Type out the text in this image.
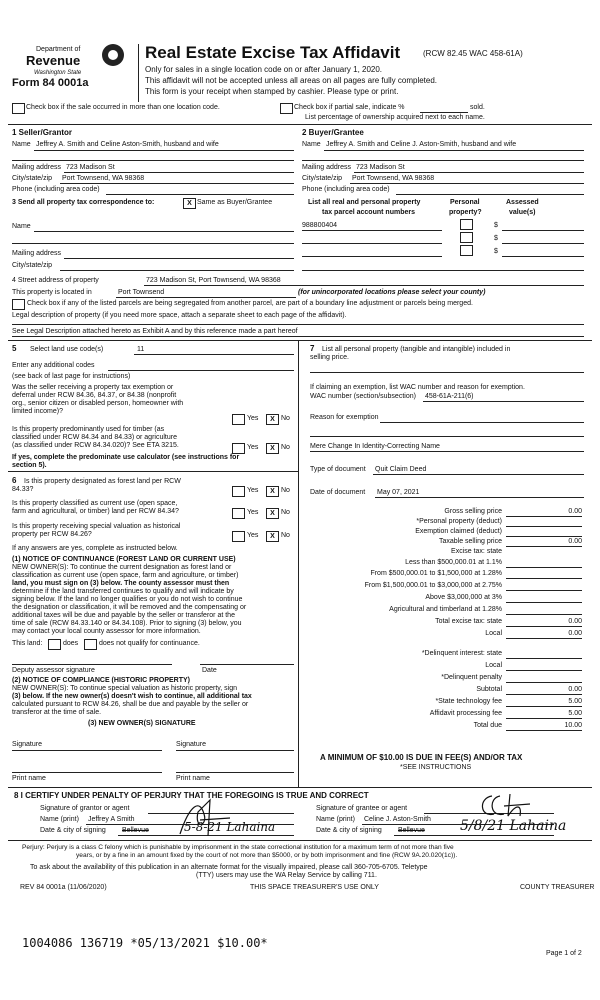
Department of
Revenue
Washington State
Form 84 0001a
Real Estate Excise Tax Affidavit	(RCW 82.45 WAC 458-61A)
Only for sales in a single location code on or after January 1, 2020.
This affidavit will not be accepted unless all areas on all pages are fully completed.
This form is your receipt when stamped by cashier. Please type or print.
Check box if the sale occurred in more than one location code.	Check box if partial sale, indicate %	sold.
List percentage of ownership acquired next to each name.
1 Seller/Grantor
Name Jeffrey A. Smith and Celine Aston-Smith, husband and wife
Mailing address 723 Madison St
City/state/zip Port Townsend, WA 98368
Phone (including area code)
2 Buyer/Grantee
Name Jeffrey A. Smith and Celine J. Aston-Smith, husband and wife
Mailing address 723 Madison St
City/state/zip Port Townsend, WA 98368
Phone (including area code)
3 Send all property tax correspondence to:	X Same as Buyer/Grantee
Name
Mailing address
City/state/zip
List all real and personal property
tax parcel account numbers
Personal
property?
Assessed
value(s)
988800404	$
$
$
4 Street address of property	723 Madison St, Port Townsend, WA 98368
This property is located in	Port Townsend	(for unincorporated locations please select your county)
Check box if any of the listed parcels are being segregated from another parcel, are part of a boundary line adjustment or parcels being merged.
Legal description of property (if you need more space, attach a separate sheet to each page of the affidavit).
See Legal Description attached hereto as Exhibit A and by this reference made a part hereof
5 Select land use code(s)	11
Enter any additional codes
(see back of last page for instructions)
Was the seller receiving a property tax exemption or
deferral under RCW 84.36, 84.37, or 84.38 (nonprofit
org., senior citizen or disabled person, homeowner with
limited income)?
Yes	X No
Is this property predominantly used for timber (as
classified under RCW 84.34 and 84.33) or agriculture
(as classified under RCW 84.34.020)? See ETA 3215.	Yes	X No
If yes, complete the predominate use calculator (see instructions for
section 5).
6 Is this property designated as forest land per RCW
84.33?	Yes	X No
Is this property classified as current use (open space,
farm and agricultural, or timber) land per RCW 84.34?	Yes	X No
Is this property receiving special valuation as historical
property per RCW 84.26?	Yes	X No
If any answers are yes, complete as instructed below.
(1) NOTICE OF CONTINUANCE (FOREST LAND OR CURRENT USE)
NEW OWNER(S): To continue the current designation as forest land or
classification as current use (open space, farm and agriculture, or timber)
land, you must sign on (3) below. The county assessor must then
determine if the land transferred continues to qualify and will indicate by
signing below. If the land no longer qualifies or you do not wish to continue
the designation or classification, it will be removed and the compensating or
additional taxes will be due and payable by the seller or transferor at the
time of sale (RCW 84.33.140 or 84.34.108). Prior to signing (3) below, you
may contact your local county assessor for more information.
This land:	does	does not qualify for continuance.
Deputy assessor signature	Date
(2) NOTICE OF COMPLIANCE (HISTORIC PROPERTY)
NEW OWNER(S): To continue special valuation as historic property, sign
(3) below. If the new owner(s) doesn't wish to continue, all additional tax
calculated pursuant to RCW 84.26, shall be due and payable by the seller or
transferor at the time of sale.
(3) NEW OWNER(S) SIGNATURE
Signature	Signature
Print name	Print name
7 List all personal property (tangible and intangible) included in
selling price.
If claiming an exemption, list WAC number and reason for exemption.
WAC number (section/subsection) 458-61A-211(6)
Reason for exemption
Mere Change In Identity-Correcting Name
Type of document Quit Claim Deed
Date of document May 07, 2021
Gross selling price	0.00
*Personal property (deduct)
Exemption claimed (deduct)
Taxable selling price	0.00
Excise tax: state
Less than $500,000.01 at 1.1%
From $500,000.01 to $1,500,000 at 1.28%
From $1,500,000.01 to $3,000,000 at 2.75%
Above $3,000,000 at 3%
Agricultural and timberland at 1.28%
Total excise tax: state	0.00
Local	0.00
*Delinquent interest: state
Local
*Delinquent penalty
Subtotal	0.00
*State technology fee	5.00
Affidavit processing fee	5.00
Total due	10.00
A MINIMUM OF $10.00 IS DUE IN FEE(S) AND/OR TAX
*SEE INSTRUCTIONS
8 I CERTIFY UNDER PENALTY OF PERJURY THAT THE FOREGOING IS TRUE AND CORRECT
Signature of grantor or agent
Name (print) Jeffrey A Smith
Date & city of signing Bellevue	5-8-21 Lahaina
Signature of grantee or agent
Name (print) Celine J. Aston-Smith
Date & city of signing Bellevue	5/8/21 Lahaina
Perjury: Perjury is a class C felony which is punishable by imprisonment in the state correctional institution for a maximum term of not more than five
years, or by a fine in an amount fixed by the court of not more than $5000, or by both imprisonment and fine (RCW 9A.20.020(1c)).
To ask about the availability of this publication in an alternate format for the visually impaired, please call 360-705-6705. Teletype
(TTY) users may use the WA Relay Service by calling 711.
REV 84 0001a (11/06/2020)	THIS SPACE TREASURER'S USE ONLY	COUNTY TREASURER
1004086 136719 *05/13/2021 $10.00*
Page 1 of 2
